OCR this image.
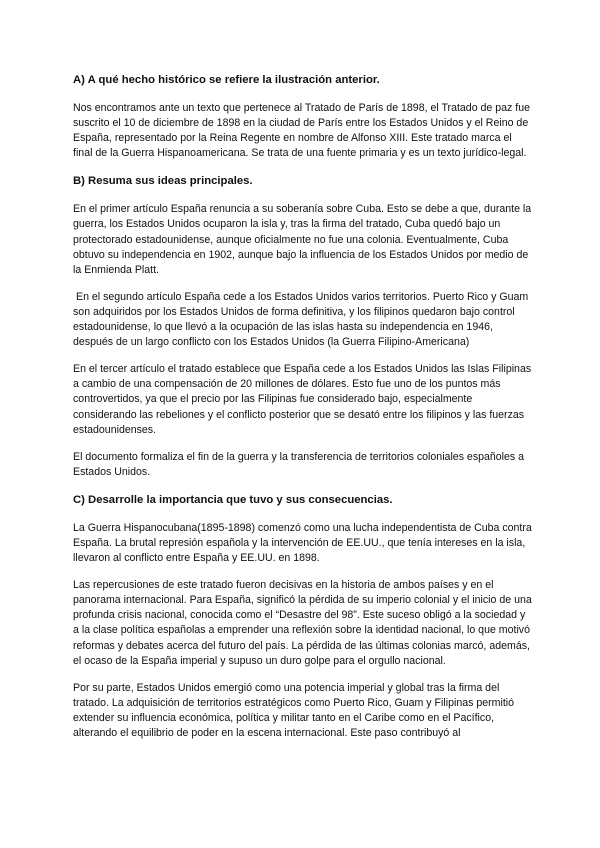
A) A qué hecho histórico se refiere la ilustración anterior.

Nos encontramos ante un texto que pertenece al Tratado de París de 1898, el Tratado de paz fue suscrito el 10 de diciembre de 1898 en la ciudad de París entre los Estados Unidos y el Reino de España, representado por la Reina Regente en nombre de Alfonso XIII. Este tratado marca el final de la Guerra Hispanoamericana. Se trata de una fuente primaria y es un texto jurídico-legal.

B) Resuma sus ideas principales.

En el primer artículo España renuncia a su soberanía sobre Cuba. Esto se debe a que, durante la guerra, los Estados Unidos ocuparon la isla y, tras la firma del tratado, Cuba quedó bajo un protectorado estadounidense, aunque oficialmente no fue una colonia. Eventualmente, Cuba obtuvo su independencia en 1902, aunque bajo la influencia de los Estados Unidos por medio de la Enmienda Platt.

En el segundo artículo España cede a los Estados Unidos varios territorios. Puerto Rico y Guam son adquiridos por los Estados Unidos de forma definitiva, y los filipinos quedaron bajo control estadounidense, lo que llevó a la ocupación de las islas hasta su independencia en 1946, después de un largo conflicto con los Estados Unidos (la Guerra Filipino-Americana)

En el tercer artículo el tratado establece que España cede a los Estados Unidos las Islas Filipinas a cambio de una compensación de 20 millones de dólares. Esto fue uno de los puntos más controvertidos, ya que el precio por las Filipinas fue considerado bajo, especialmente considerando las rebeliones y el conflicto posterior que se desató entre los filipinos y las fuerzas estadounidenses.

El documento formaliza el fin de la guerra y la transferencia de territorios coloniales españoles a Estados Unidos.

C) Desarrolle la importancia que tuvo y sus consecuencias.

La Guerra Hispanocubana(1895-1898) comenzó como una lucha independentista de Cuba contra España. La brutal represión española y la intervención de EE.UU., que tenía intereses en la isla, llevaron al conflicto entre España y EE.UU. en 1898.

Las repercusiones de este tratado fueron decisivas en la historia de ambos países y en el panorama internacional. Para España, significó la pérdida de su imperio colonial y el inicio de una profunda crisis nacional, conocida como el “Desastre del 98”. Este suceso obligó a la sociedad y a la clase política españolas a emprender una reflexión sobre la identidad nacional, lo que motivó reformas y debates acerca del futuro del país. La pérdida de las últimas colonias marcó, además, el ocaso de la España imperial y supuso un duro golpe para el orgullo nacional.

Por su parte, Estados Unidos emergió como una potencia imperial y global tras la firma del tratado. La adquisición de territorios estratégicos como Puerto Rico, Guam y Filipinas permitió extender su influencia económica, política y militar tanto en el Caribe como en el Pacífico, alterando el equilibrio de poder en la escena internacional. Este paso contribuyó al
